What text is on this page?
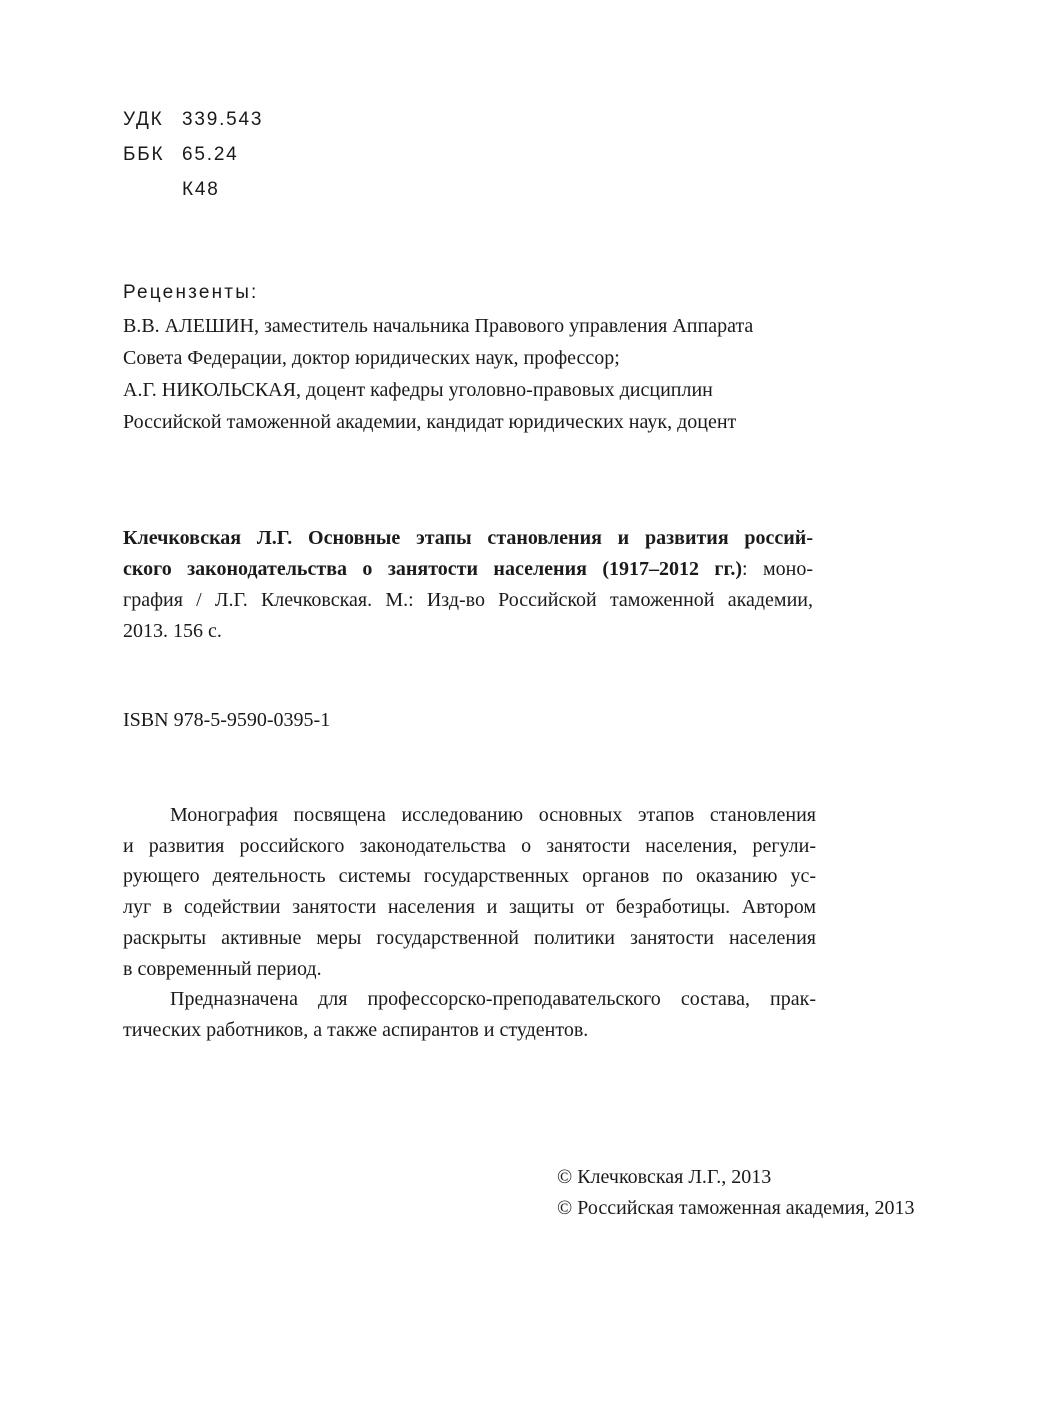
УДК 339.543
ББК 65.24
К48
Рецензенты:
В.В. АЛЕШИН, заместитель начальника Правового управления Аппарата
Совета Федерации, доктор юридических наук, профессор;
А.Г. НИКОЛЬСКАЯ, доцент кафедры уголовно-правовых дисциплин
Российской таможенной академии, кандидат юридических наук, доцент
Клечковская Л.Г. Основные этапы становления и развития россий-
ского законодательства о занятости населения (1917–2012 гг.): моно-
графия / Л.Г. Клечковская. М.: Изд-во Российской таможенной академии,
2013. 156 с.
ISBN 978-5-9590-0395-1
Монография посвящена исследованию основных этапов становления
и развития российского законодательства о занятости населения, регули-
рующего деятельность системы государственных органов по оказанию ус-
луг в содействии занятости населения и защиты от безработицы. Автором
раскрыты активные меры государственной политики занятости населения
в современный период.
Предназначена для профессорско-преподавательского состава, прак-
тических работников, а также аспирантов и студентов.
© Клечковская Л.Г., 2013
© Российская таможенная академия, 2013
